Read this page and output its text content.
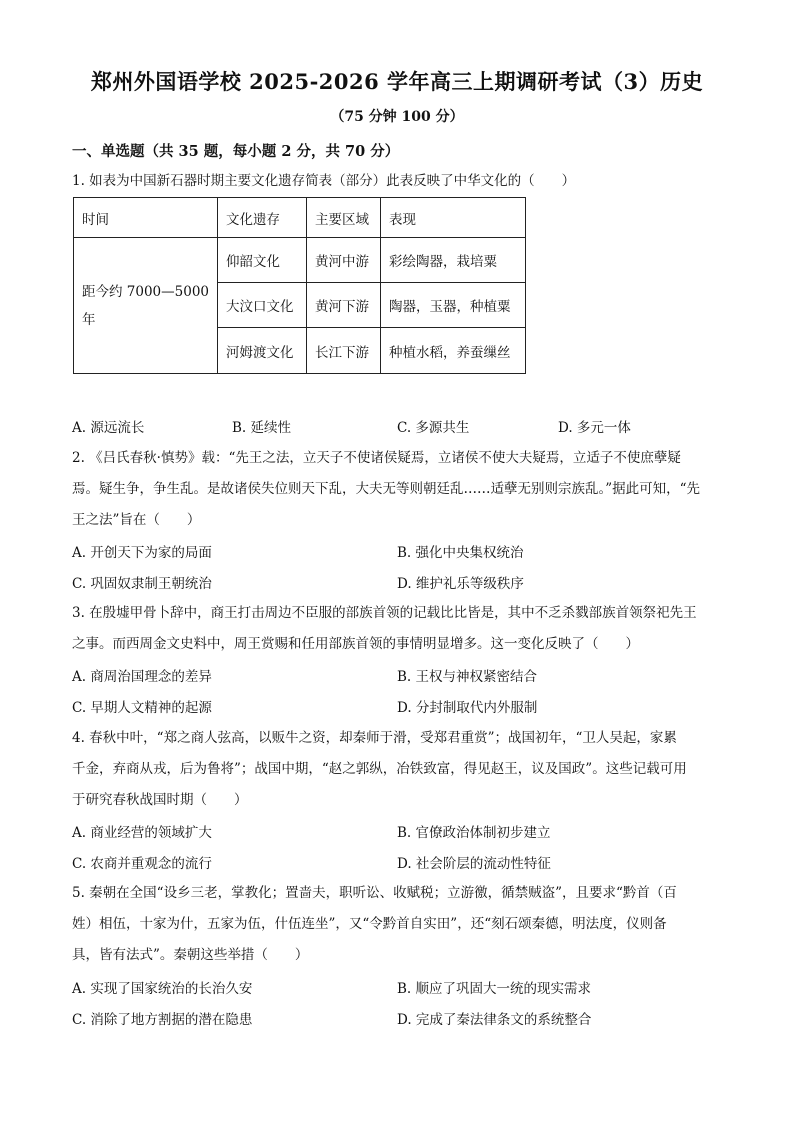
郑州外国语学校 2025-2026 学年高三上期调研考试（3）历史
（75 分钟 100 分）
一、单选题（共 35 题，每小题 2 分，共 70 分）
1. 如表为中国新石器时期主要文化遗存简表（部分）此表反映了中华文化的（　　）
时间	文化遗存	主要区域	表现
距今约 7000—5000
年	仰韶文化	黄河中游	彩绘陶器，栽培粟
	大汶口文化	黄河下游	陶器，玉器，种植粟
	河姆渡文化	长江下游	种植水稻，养蚕缫丝
A. 源远流长	B. 延续性	C. 多源共生	D. 多元一体
2. 《吕氏春秋·慎势》载：“先王之法，立天子不使诸侯疑焉，立诸侯不使大夫疑焉，立适子不使庶孽疑
焉。疑生争，争生乱。是故诸侯失位则天下乱，大夫无等则朝廷乱……适孽无别则宗族乱。”据此可知，“先
王之法”旨在（　　）
A. 开创天下为家的局面	B. 强化中央集权统治
C. 巩固奴隶制王朝统治	D. 维护礼乐等级秩序
3. 在殷墟甲骨卜辞中，商王打击周边不臣服的部族首领的记载比比皆是，其中不乏杀戮部族首领祭祀先王
之事。而西周金文史料中，周王赏赐和任用部族首领的事情明显增多。这一变化反映了（　　）
A. 商周治国理念的差异	B. 王权与神权紧密结合
C. 早期人文精神的起源	D. 分封制取代内外服制
4. 春秋中叶，“郑之商人弦高，以贩牛之资，却秦师于滑，受郑君重赏”；战国初年，“卫人吴起，家累
千金，弃商从戎，后为鲁将”；战国中期，“赵之郭纵，冶铁致富，得见赵王，议及国政”。这些记载可用
于研究春秋战国时期（　　）
A. 商业经营的领域扩大	B. 官僚政治体制初步建立
C. 农商并重观念的流行	D. 社会阶层的流动性特征
5. 秦朝在全国“设乡三老，掌教化；置啬夫，职听讼、收赋税；立游徼，循禁贼盗”，且要求“黔首（百
姓）相伍，十家为什，五家为伍，什伍连坐”，又“令黔首自实田”，还“刻石颂秦德，明法度，仪则备
具，皆有法式”。秦朝这些举措（　　）
A. 实现了国家统治的长治久安	B. 顺应了巩固大一统的现实需求
C. 消除了地方割据的潜在隐患	D. 完成了秦法律条文的系统整合
